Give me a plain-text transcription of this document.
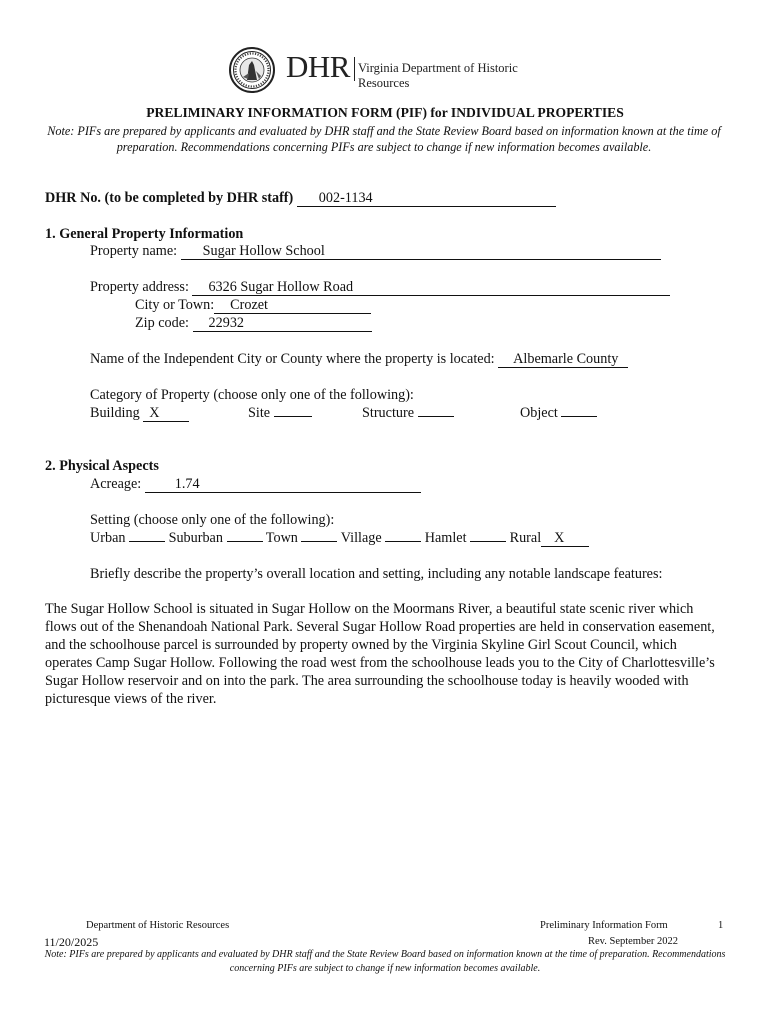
DHR Virginia Department of Historic Resources
PRELIMINARY INFORMATION FORM (PIF) for INDIVIDUAL PROPERTIES
Note: PIFs are prepared by applicants and evaluated by DHR staff and the State Review Board based on information known at the time of preparation. Recommendations concerning PIFs are subject to change if new information becomes available.
DHR No. (to be completed by DHR staff) 002-1134
1. General Property Information
Property name: Sugar Hollow School
Property address: 6326 Sugar Hollow Road
City or Town: Crozet
Zip code: 22932
Name of the Independent City or County where the property is located: Albemarle County
Category of Property (choose only one of the following):
Building X	Site	Structure	Object
2. Physical Aspects
Acreage: 1.74
Setting (choose only one of the following):
Urban	Suburban	Town	Village	Hamlet	Rural X
Briefly describe the property’s overall location and setting, including any notable landscape features:
The Sugar Hollow School is situated in Sugar Hollow on the Moormans River, a beautiful state scenic river which flows out of the Shenandoah National Park. Several Sugar Hollow Road properties are held in conservation easement, and the schoolhouse parcel is surrounded by property owned by the Virginia Skyline Girl Scout Council, which operates Camp Sugar Hollow. Following the road west from the schoolhouse leads you to the City of Charlottesville’s Sugar Hollow reservoir and on into the park. The area surrounding the schoolhouse today is heavily wooded with picturesque views of the river.
Department of Historic Resources	Preliminary Information Form	1
11/20/2025	Rev. September 2022
Note: PIFs are prepared by applicants and evaluated by DHR staff and the State Review Board based on information known at the time of preparation. Recommendations concerning PIFs are subject to change if new information becomes available.
